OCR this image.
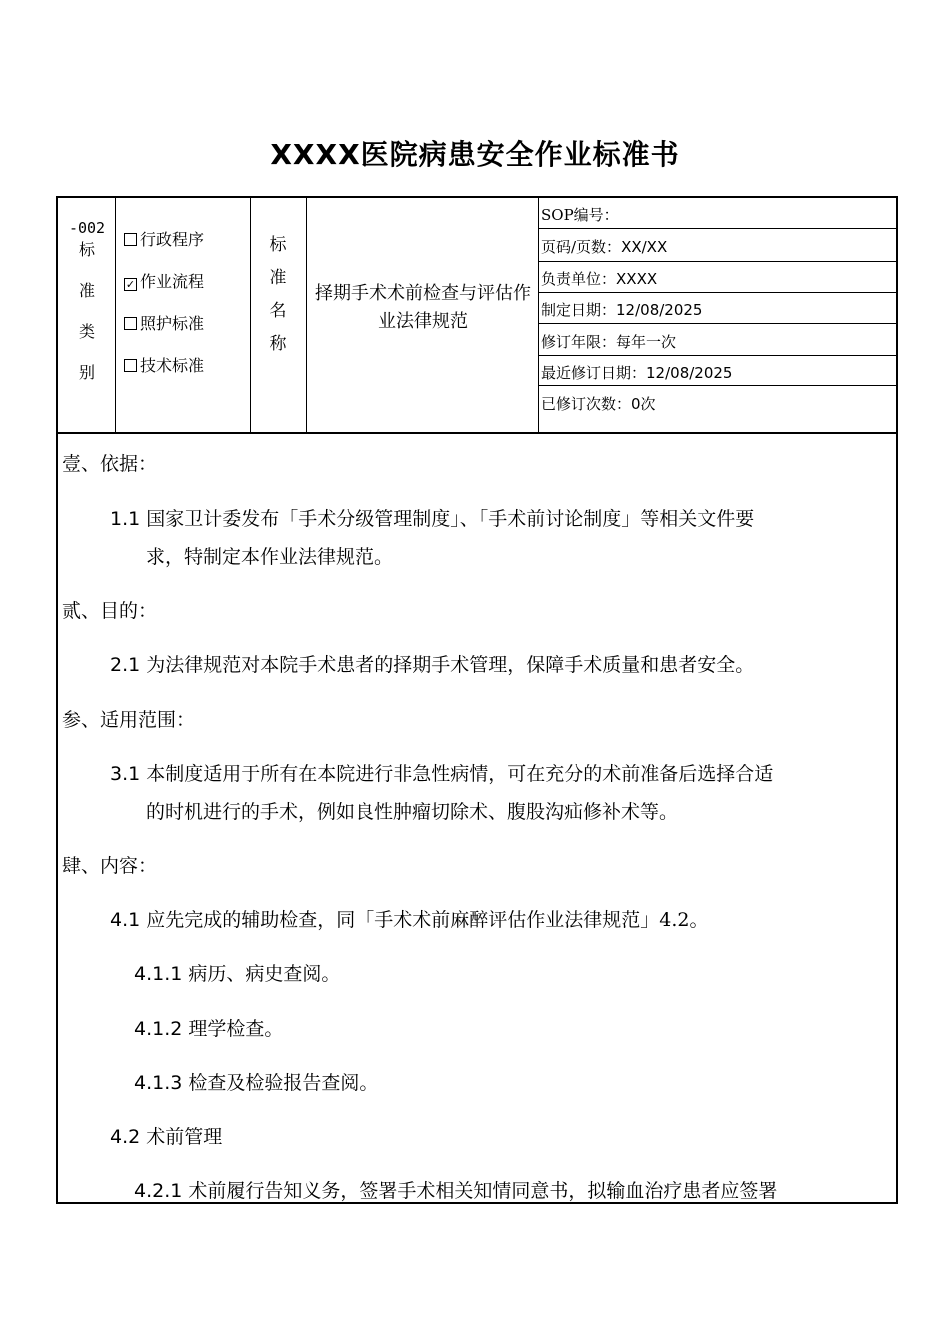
XXXX医院病患安全作业标准书
-002
标
准
类
别
行政程序
✓ 作业流程
照护标准
技术标准
标
准
名
称
择期手术术前检查与评估作业法律规范
SOP编号：
页码/页数：XX/XX
负责单位：XXXX
制定日期：12/08/2025
修订年限：每年一次
最近修订日期：12/08/2025
已修订次数：0次
壹、依据：
1.1 国家卫计委发布「手术分级管理制度」、「手术前讨论制度」等相关文件要
求，特制定本作业法律规范。
贰、目的：
2.1 为法律规范对本院手术患者的择期手术管理，保障手术质量和患者安全。
参、适用范围：
3.1 本制度适用于所有在本院进行非急性病情，可在充分的术前准备后选择合适
的时机进行的手术，例如良性肿瘤切除术、腹股沟疝修补术等。
肆、内容：
4.1 应先完成的辅助检查，同「手术术前麻醉评估作业法律规范」4.2。
4.1.1 病历、病史查阅。
4.1.2 理学检查。
4.1.3 检查及检验报告查阅。
4.2 术前管理
4.2.1 术前履行告知义务，签署手术相关知情同意书，拟输血治疗患者应签署
